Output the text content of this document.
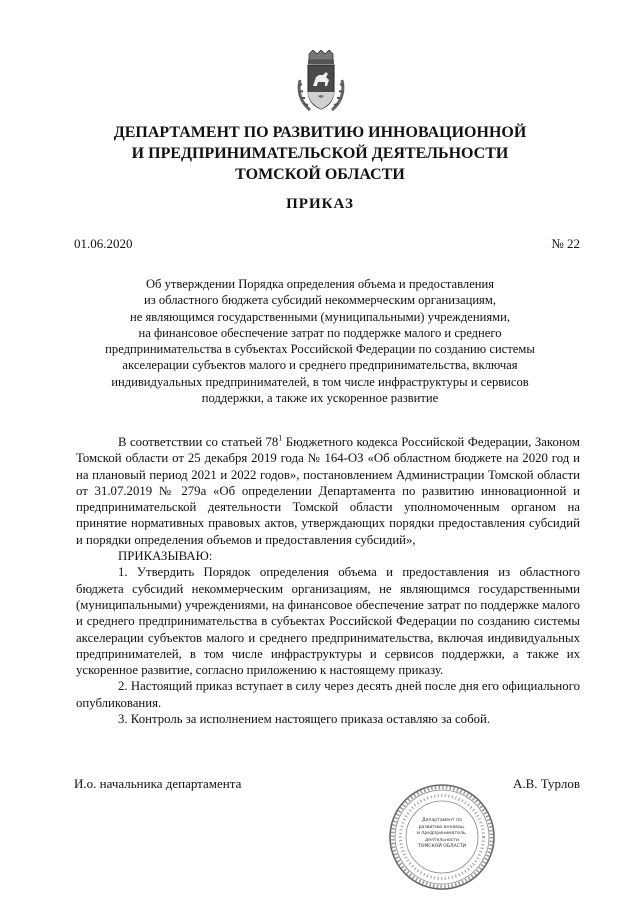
ДЕПАРТАМЕНТ ПО РАЗВИТИЮ ИННОВАЦИОННОЙ
И ПРЕДПРИНИМАТЕЛЬСКОЙ ДЕЯТЕЛЬНОСТИ
ТОМСКОЙ ОБЛАСТИ
ПРИКАЗ
01.06.2020	№ 22
Об утверждении Порядка определения объема и предоставления
из областного бюджета субсидий некоммерческим организациям,
не являющимся государственными (муниципальными) учреждениями,
на финансовое обеспечение затрат по поддержке малого и среднего
предпринимательства в субъектах Российской Федерации по созданию системы
акселерации субъектов малого и среднего предпринимательства, включая
индивидуальных предпринимателей, в том числе инфраструктуры и сервисов
поддержки, а также их ускоренное развитие

В соответствии со статьей $78^1$ Бюджетного кодекса Российской Федерации, Законом Томской области от 25 декабря 2019 года № 164-ОЗ «Об областном бюджете на 2020 год и на плановый период 2021 и 2022 годов», постановлением Администрации Томской области от 31.07.2019 № 279а «Об определении Департамента по развитию инновационной и предпринимательской деятельности Томской области уполномоченным органом на принятие нормативных правовых актов, утверждающих порядки предоставления субсидий и порядки определения объемов и предоставления субсидий»,

ПРИКАЗЫВАЮ:

1. Утвердить Порядок определения объема и предоставления из областного бюджета субсидий некоммерческим организациям, не являющимся государственными (муниципальными) учреждениями, на финансовое обеспечение затрат по поддержке малого и среднего предпринимательства в субъектах Российской Федерации по созданию системы акселерации субъектов малого и среднего предпринимательства, включая индивидуальных предпринимателей, в том числе инфраструктуры и сервисов поддержки, а также их ускоренное развитие, согласно приложению к настоящему приказу.

2. Настоящий приказ вступает в силу через десять дней после дня его официального опубликования.

3. Контроль за исполнением настоящего приказа оставляю за собой.

И.о. начальника департамента	А.В. Турлов
Департамент по
развитию инновац.
и предприниматель.
деятельности
ТОМСКОЙ ОБЛАСТИ
